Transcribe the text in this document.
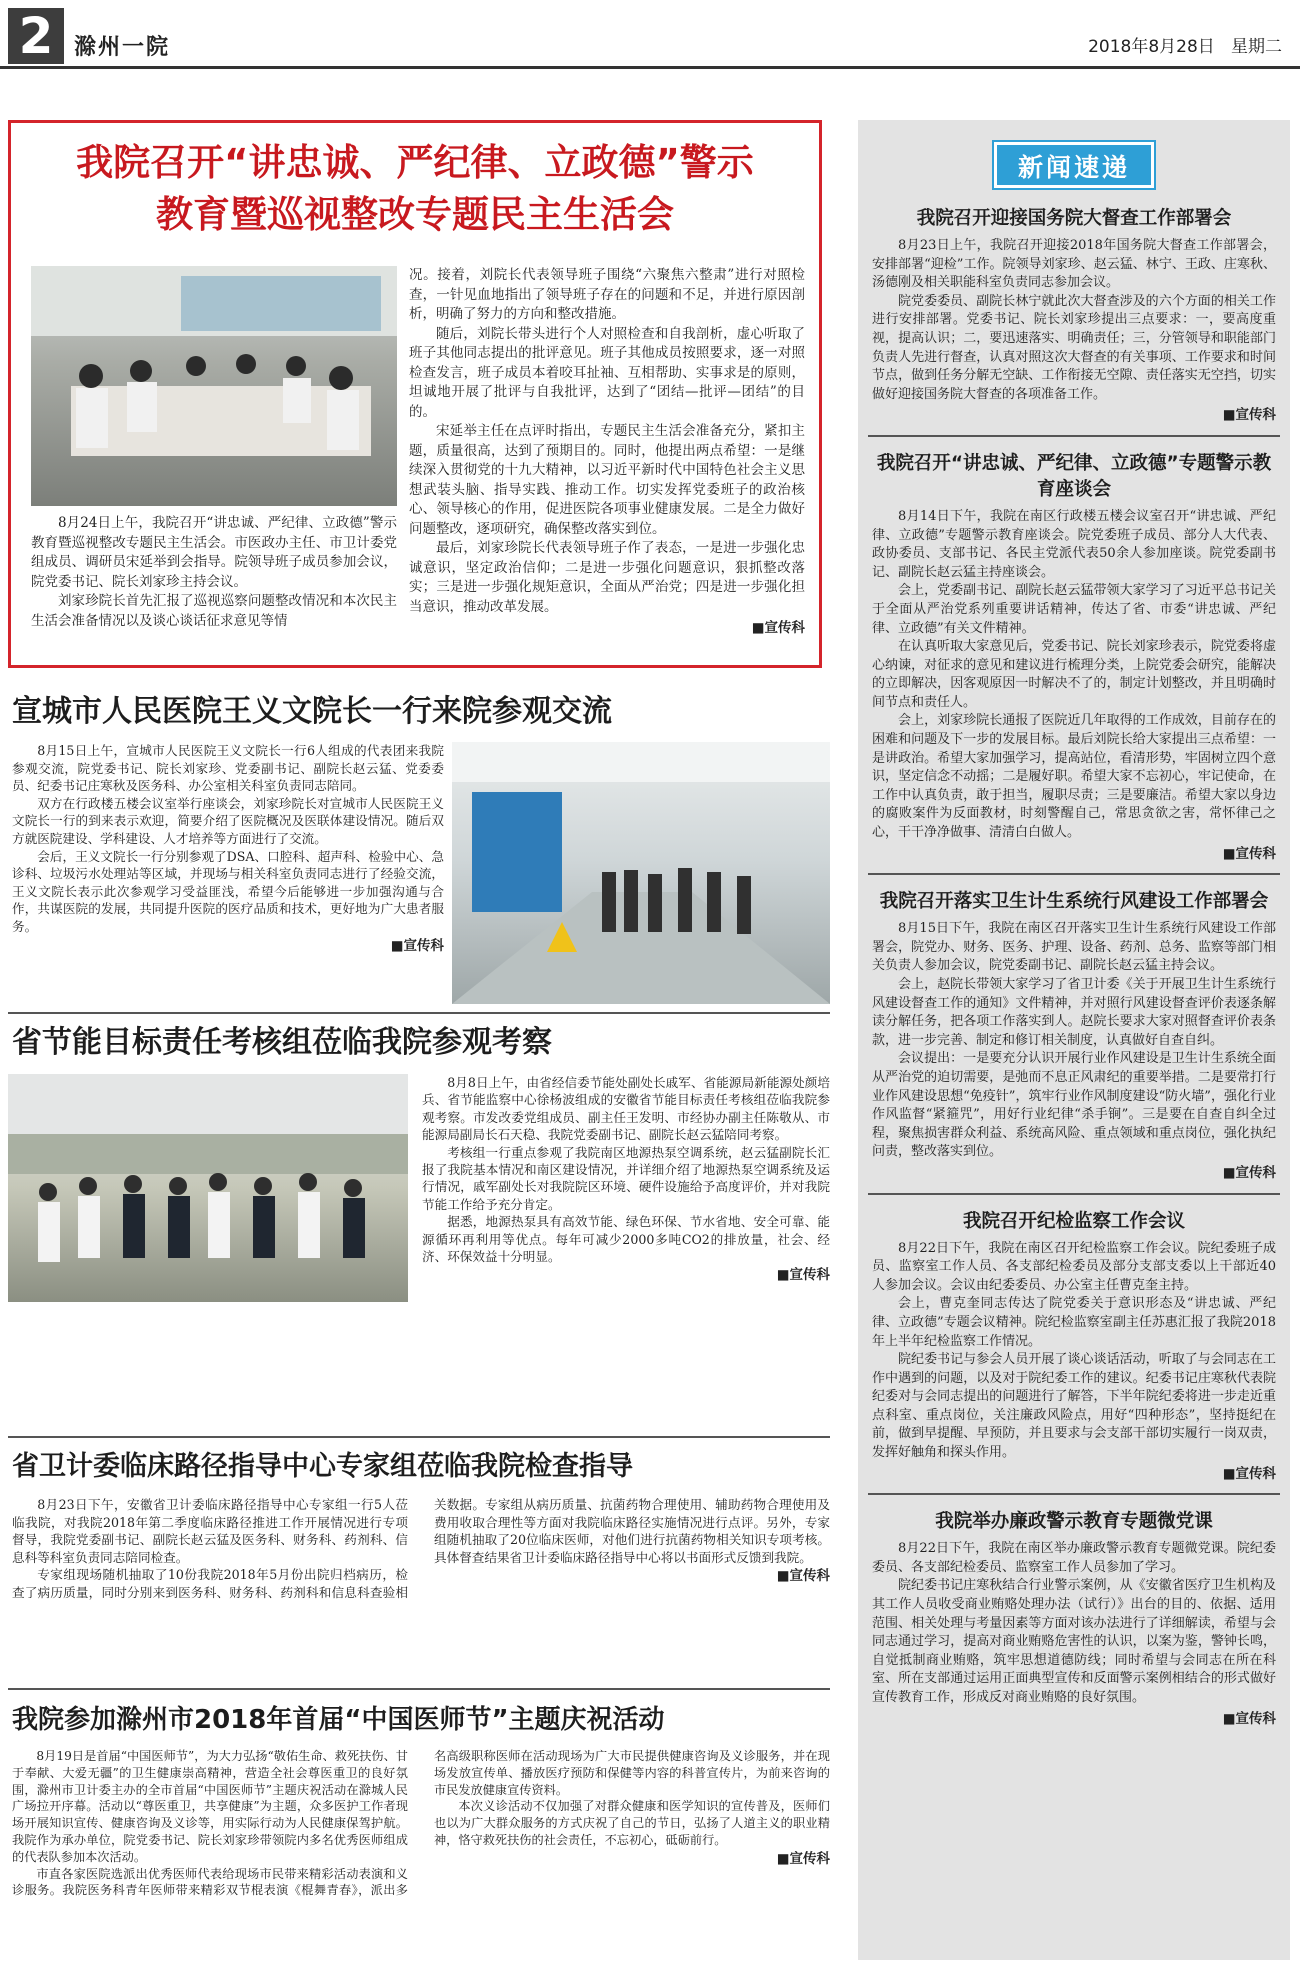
2 滁州一院	2018年8月28日 星期二
我院召开“讲忠诚、严纪律、立政德”警示
教育暨巡视整改专题民主生活会

8月24日上午，我院召开“讲忠诚、严纪律、立政德”警示教育暨巡视整改专题民主生活会。市医政办主任、市卫计委党组成员、调研员宋延举到会指导。院领导班子成员参加会议，院党委书记、院长刘家珍主持会议。

刘家珍院长首先汇报了巡视巡察问题整改情况和本次民主生活会准备情况以及谈心谈话征求意见等情

况。接着，刘院长代表领导班子围绕“六聚焦六整肃”进行对照检查，一针见血地指出了领导班子存在的问题和不足，并进行原因剖析，明确了努力的方向和整改措施。

随后，刘院长带头进行个人对照检查和自我剖析，虚心听取了班子其他同志提出的批评意见。班子其他成员按照要求，逐一对照检查发言，班子成员本着咬耳扯袖、互相帮助、实事求是的原则，坦诚地开展了批评与自我批评，达到了“团结—批评—团结”的目的。

宋延举主任在点评时指出，专题民主生活会准备充分，紧扣主题，质量很高，达到了预期目的。同时，他提出两点希望：一是继续深入贯彻党的十九大精神，以习近平新时代中国特色社会主义思想武装头脑、指导实践、推动工作。切实发挥党委班子的政治核心、领导核心的作用，促进医院各项事业健康发展。二是全力做好问题整改，逐项研究，确保整改落实到位。

最后，刘家珍院长代表领导班子作了表态，一是进一步强化忠诚意识，坚定政治信仰；二是进一步强化问题意识，狠抓整改落实；三是进一步强化规矩意识，全面从严治党；四是进一步强化担当意识，推动改革发展。

■宣传科
宣城市人民医院王义文院长一行来院参观交流

8月15日上午，宣城市人民医院王义文院长一行6人组成的代表团来我院参观交流，院党委书记、院长刘家珍、党委副书记、副院长赵云猛、党委委员、纪委书记庄寒秋及医务科、办公室相关科室负责同志陪同。

双方在行政楼五楼会议室举行座谈会，刘家珍院长对宣城市人民医院王义文院长一行的到来表示欢迎，简要介绍了医院概况及医联体建设情况。随后双方就医院建设、学科建设、人才培养等方面进行了交流。

会后，王义文院长一行分别参观了DSA、口腔科、超声科、检验中心、急诊科、垃圾污水处理站等区域，并现场与相关科室负责同志进行了经验交流，王义文院长表示此次参观学习受益匪浅，希望今后能够进一步加强沟通与合作，共谋医院的发展，共同提升医院的医疗品质和技术，更好地为广大患者服务。

■宣传科
省节能目标责任考核组莅临我院参观考察

8月8日上午，由省经信委节能处副处长戚军、省能源局新能源处颜培兵、省节能监察中心徐杨波组成的安徽省节能目标责任考核组莅临我院参观考察。市发改委党组成员、副主任王发明、市经协办副主任陈敬从、市能源局副局长石天稳、我院党委副书记、副院长赵云猛陪同考察。

考核组一行重点参观了我院南区地源热泵空调系统，赵云猛副院长汇报了我院基本情况和南区建设情况，并详细介绍了地源热泵空调系统及运行情况，戚军副处长对我院院区环境、硬件设施给予高度评价，并对我院节能工作给予充分肯定。

据悉，地源热泵具有高效节能、绿色环保、节水省地、安全可靠、能源循环再利用等优点。每年可减少2000多吨CO2的排放量，社会、经济、环保效益十分明显。

■宣传科
省卫计委临床路径指导中心专家组莅临我院检查指导

8月23日下午，安徽省卫计委临床路径指导中心专家组一行5人莅临我院，对我院2018年第二季度临床路径推进工作开展情况进行专项督导，我院党委副书记、副院长赵云猛及医务科、财务科、药剂科、信息科等科室负责同志陪同检查。

专家组现场随机抽取了10份我院2018年5月份出院归档病历，检查了病历质量，同时分别来到医务科、财务科、药剂科和信息科查验相关数据。专家组从病历质量、抗菌药物合理使用、辅助药物合理使用及费用收取合理性等方面对我院临床路径实施情况进行点评。另外，专家组随机抽取了20位临床医师，对他们进行抗菌药物相关知识专项考核。具体督查结果省卫计委临床路径指导中心将以书面形式反馈到我院。

■宣传科
我院参加滁州市2018年首届“中国医师节”主题庆祝活动

8月19日是首届“中国医师节”，为大力弘扬“敬佑生命、救死扶伤、甘于奉献、大爱无疆”的卫生健康崇高精神，营造全社会尊医重卫的良好氛围，滁州市卫计委主办的全市首届“中国医师节”主题庆祝活动在滁城人民广场拉开序幕。活动以“尊医重卫，共享健康”为主题，众多医护工作者现场开展知识宣传、健康咨询及义诊等，用实际行动为人民健康保驾护航。我院作为承办单位，院党委书记、院长刘家珍带领院内多名优秀医师组成的代表队参加本次活动。

市直各家医院选派出优秀医师代表给现场市民带来精彩活动表演和义诊服务。我院医务科青年医师带来精彩双节棍表演《棍舞青春》，派出多名高级职称医师在活动现场为广大市民提供健康咨询及义诊服务，并在现场发放宣传单、播放医疗预防和保健等内容的科普宣传片，为前来咨询的市民发放健康宣传资料。

本次义诊活动不仅加强了对群众健康和医学知识的宣传普及，医师们也以为广大群众服务的方式庆祝了自己的节日，弘扬了人道主义的职业精神，恪守救死扶伤的社会责任，不忘初心，砥砺前行。

■宣传科
新闻速递
我院召开迎接国务院大督查工作部署会

8月23日上午，我院召开迎接2018年国务院大督查工作部署会，安排部署“迎检”工作。院领导刘家珍、赵云猛、林宁、王政、庄寒秋、汤德刚及相关职能科室负责同志参加会议。

院党委委员、副院长林宁就此次大督查涉及的六个方面的相关工作进行安排部署。党委书记、院长刘家珍提出三点要求：一，要高度重视，提高认识；二，要迅速落实、明确责任；三，分管领导和职能部门负责人先进行督查，认真对照这次大督查的有关事项、工作要求和时间节点，做到任务分解无空缺、工作衔接无空隙、责任落实无空挡，切实做好迎接国务院大督查的各项准备工作。

■宣传科
我院召开“讲忠诚、严纪律、立政德”专题警示教育座谈会

8月14日下午，我院在南区行政楼五楼会议室召开“讲忠诚、严纪律、立政德”专题警示教育座谈会。院党委班子成员、部分人大代表、政协委员、支部书记、各民主党派代表50余人参加座谈。院党委副书记、副院长赵云猛主持座谈会。

会上，党委副书记、副院长赵云猛带领大家学习了习近平总书记关于全面从严治党系列重要讲话精神，传达了省、市委“讲忠诚、严纪律、立政德”有关文件精神。

在认真听取大家意见后，党委书记、院长刘家珍表示，院党委将虚心纳谏，对征求的意见和建议进行梳理分类，上院党委会研究，能解决的立即解决，因客观原因一时解决不了的，制定计划整改，并且明确时间节点和责任人。

会上，刘家珍院长通报了医院近几年取得的工作成效，目前存在的困难和问题及下一步的发展目标。最后刘院长给大家提出三点希望：一是讲政治。希望大家加强学习，提高站位，看清形势，牢固树立四个意识，坚定信念不动摇；二是履好职。希望大家不忘初心，牢记使命，在工作中认真负责，敢于担当，履职尽责；三是要廉洁。希望大家以身边的腐败案件为反面教材，时刻警醒自己，常思贪欲之害，常怀律己之心，干干净净做事、清清白白做人。

■宣传科
我院召开落实卫生计生系统行风建设工作部署会

8月15日下午，我院在南区召开落实卫生计生系统行风建设工作部署会，院党办、财务、医务、护理、设备、药剂、总务、监察等部门相关负责人参加会议，院党委副书记、副院长赵云猛主持会议。

会上，赵院长带领大家学习了省卫计委《关于开展卫生计生系统行风建设督查工作的通知》文件精神，并对照行风建设督查评价表逐条解读分解任务，把各项工作落实到人。赵院长要求大家对照督查评价表条款，进一步完善、制定和修订相关制度，认真做好自查自纠。

会议提出：一是要充分认识开展行业作风建设是卫生计生系统全面从严治党的迫切需要，是弛而不息正风肃纪的重要举措。二是要常打行业作风建设思想“免疫针”，筑牢行业作风制度建设“防火墙”，强化行业作风监督“紧箍咒”，用好行业纪律“杀手锏”。三是要在自查自纠全过程，聚焦损害群众利益、系统高风险、重点领域和重点岗位，强化执纪问责，整改落实到位。

■宣传科
我院召开纪检监察工作会议

8月22日下午，我院在南区召开纪检监察工作会议。院纪委班子成员、监察室工作人员、各支部纪检委员及部分支部支委以上干部近40人参加会议。会议由纪委委员、办公室主任曹克奎主持。

会上，曹克奎同志传达了院党委关于意识形态及“讲忠诚、严纪律、立政德”专题会议精神。院纪检监察室副主任苏惠汇报了我院2018年上半年纪检监察工作情况。

院纪委书记与参会人员开展了谈心谈话活动，听取了与会同志在工作中遇到的问题，以及对于院纪委工作的建议。纪委书记庄寒秋代表院纪委对与会同志提出的问题进行了解答，下半年院纪委将进一步走近重点科室、重点岗位，关注廉政风险点，用好“四种形态”，坚持挺纪在前，做到早提醒、早预防，并且要求与会支部干部切实履行一岗双责，发挥好触角和探头作用。

■宣传科
我院举办廉政警示教育专题微党课

8月22日下午，我院在南区举办廉政警示教育专题微党课。院纪委委员、各支部纪检委员、监察室工作人员参加了学习。

院纪委书记庄寒秋结合行业警示案例，从《安徽省医疗卫生机构及其工作人员收受商业贿赂处理办法（试行）》出台的目的、依据、适用范围、相关处理与考量因素等方面对该办法进行了详细解读，希望与会同志通过学习，提高对商业贿赂危害性的认识，以案为鉴，警钟长鸣，自觉抵制商业贿赂，筑牢思想道德防线；同时希望与会同志在所在科室、所在支部通过运用正面典型宣传和反面警示案例相结合的形式做好宣传教育工作，形成反对商业贿赂的良好氛围。

■宣传科
